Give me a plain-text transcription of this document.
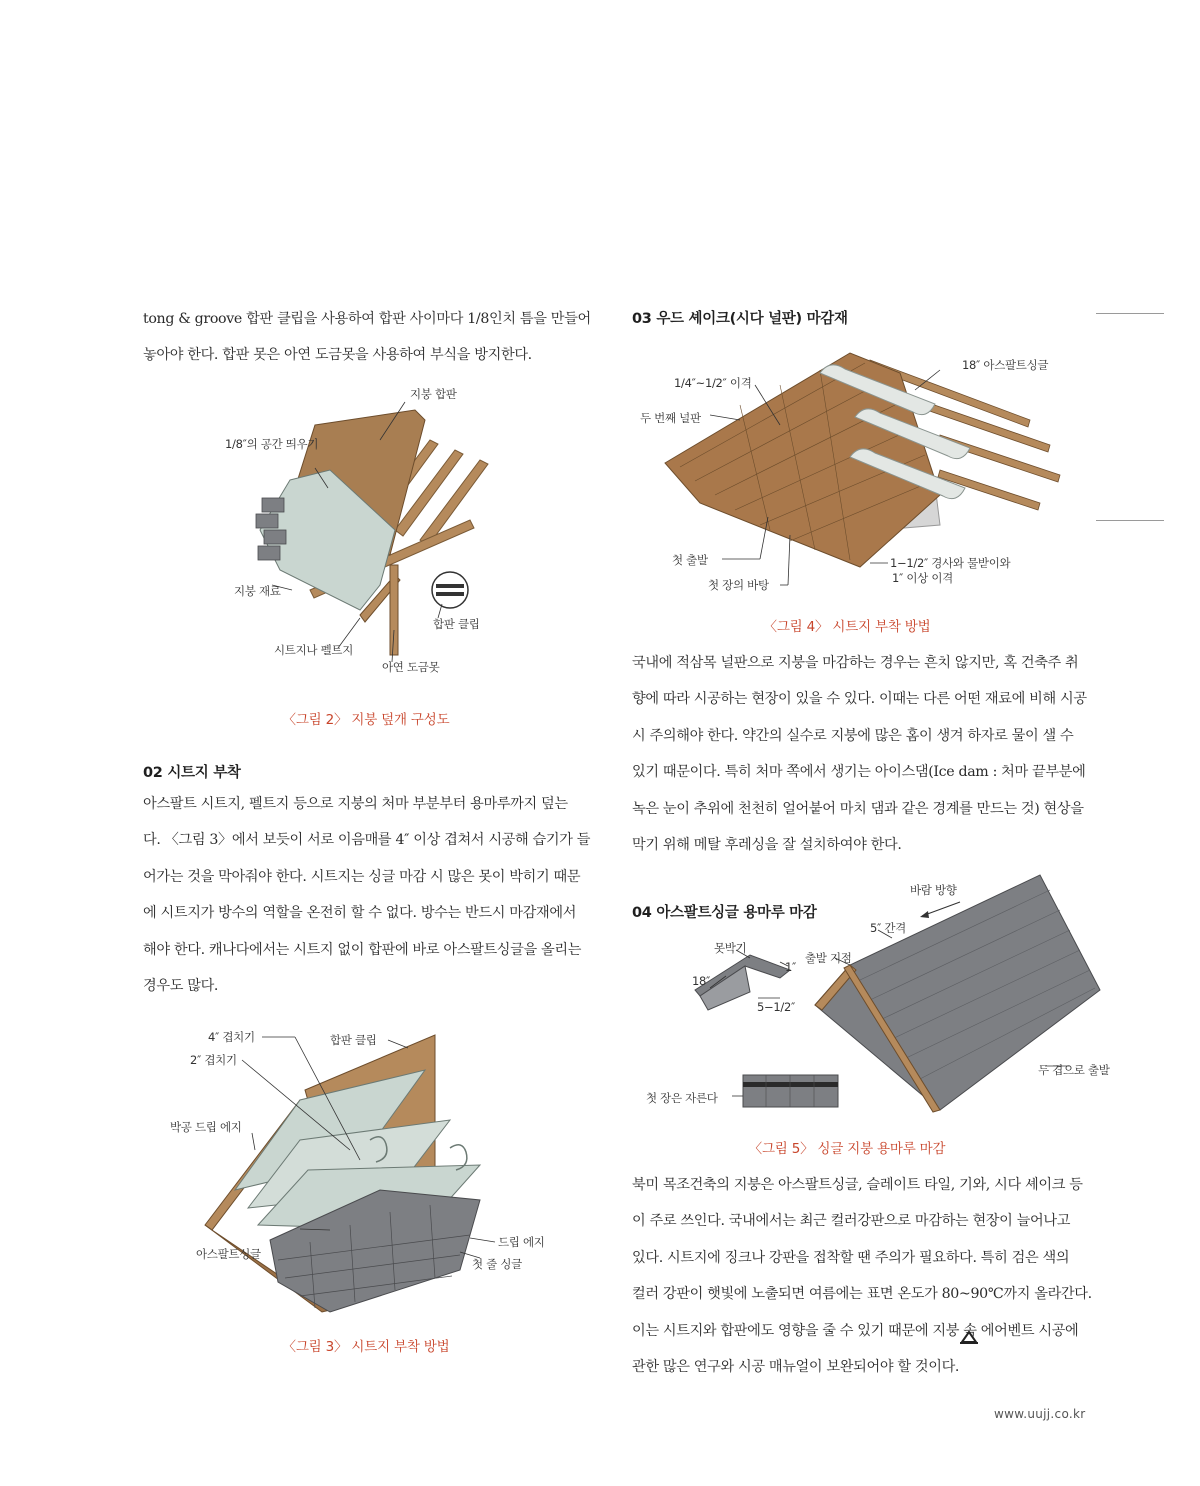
tong & groove 합판 클립을 사용하여 합판 사이마다 1/8인치 틈을 만들어
놓아야 한다. 합판 못은 아연 도금못을 사용하여 부식을 방지한다.
지붕 합판
1/8″의 공간 띄우기
지붕 재료
합판 클립
시트지나 펠트지
아연 도금못
〈그림 2〉 지붕 덮개 구성도
02 시트지 부착
아스팔트 시트지, 펠트지 등으로 지붕의 처마 부분부터 용마루까지 덮는
다. 〈그림 3〉에서 보듯이 서로 이음매를 4″ 이상 겹쳐서 시공해 습기가 들
어가는 것을 막아줘야 한다. 시트지는 싱글 마감 시 많은 못이 박히기 때문
에 시트지가 방수의 역할을 온전히 할 수 없다. 방수는 반드시 마감재에서
해야 한다. 캐나다에서는 시트지 없이 합판에 바로 아스팔트싱글을 올리는
경우도 많다.
4″ 겹치기
2″ 겹치기
합판 클립
박공 드립 에지
드립 에지
아스팔트싱글
첫 줄 싱글
〈그림 3〉 시트지 부착 방법
03 우드 셰이크(시다 널판) 마감재
18″ 아스팔트싱글
1/4″~1/2″ 이격
두 번째 널판
첫 출발
첫 장의 바탕
1−1/2″ 경사와 물받이와
1″ 이상 이격
〈그림 4〉 시트지 부착 방법
국내에 적삼목 널판으로 지붕을 마감하는 경우는 흔치 않지만, 혹 건축주 취
향에 따라 시공하는 현장이 있을 수 있다. 이때는 다른 어떤 재료에 비해 시공
시 주의해야 한다. 약간의 실수로 지붕에 많은 홈이 생겨 하자로 물이 샐 수
있기 때문이다. 특히 처마 쪽에서 생기는 아이스댐(Ice dam : 처마 끝부분에
녹은 눈이 추위에 천천히 얼어붙어 마치 댐과 같은 경계를 만드는 것) 현상을
막기 위해 메탈 후레싱을 잘 설치하여야 한다.
04 아스팔트싱글 용마루 마감
바람 방향
5″ 간격
못박기
출발 지점
18″
1″
5−1/2″
두 겹으로 출발
첫 장은 자른다
〈그림 5〉 싱글 지붕 용마루 마감
북미 목조건축의 지붕은 아스팔트싱글, 슬레이트 타일, 기와, 시다 셰이크 등
이 주로 쓰인다. 국내에서는 최근 컬러강판으로 마감하는 현장이 늘어나고
있다. 시트지에 징크나 강판을 접착할 땐 주의가 필요하다. 특히 검은 색의
컬러 강판이 햇빛에 노출되면 여름에는 표면 온도가 80~90℃까지 올라간다.
이는 시트지와 합판에도 영향을 줄 수 있기 때문에 지붕 속 에어벤트 시공에
관한 많은 연구와 시공 매뉴얼이 보완되어야 할 것이다.
www.uujj.co.kr
